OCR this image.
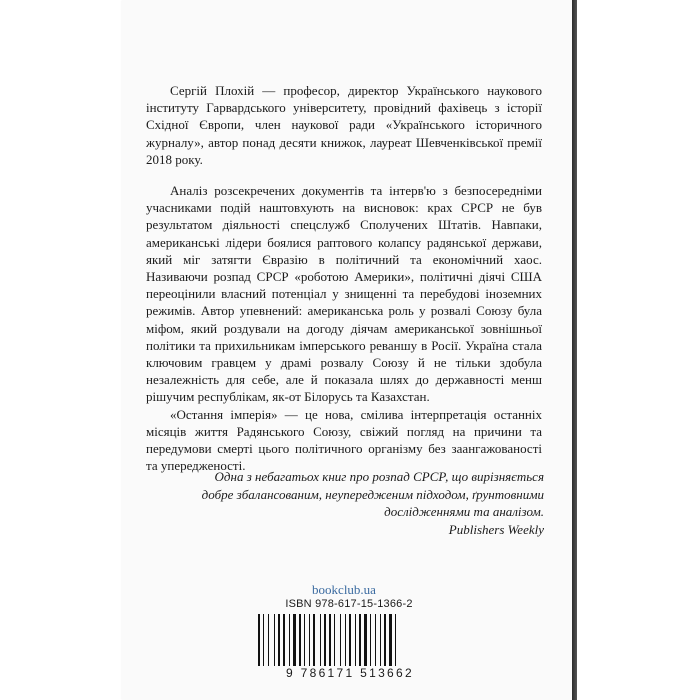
Сергій Плохій — професор, директор Українського наукового інституту Гарвардського університету, провідний фахівець з історії Східної Європи, член наукової ради «Українського історичного журналу», автор понад десяти книжок, лауреат Шевченківської премії 2018 року.

Аналіз розсекречених документів та інтерв'ю з безпосередніми учасниками подій наштовхують на висновок: крах СРСР не був результатом діяльності спецслужб Сполучених Штатів. Навпаки, американські лідери боялися раптового колапсу радянської держави, який міг затягти Євразію в політичний та економічний хаос. Називаючи розпад СРСР «роботою Америки», політичні діячі США переоцінили власний потенціал у знищенні та перебудові іноземних режимів. Автор упевнений: американська роль у розвалі Союзу була міфом, який роздували на догоду діячам американської зовнішньої політики та прихильникам імперського реваншу в Росії. Україна стала ключовим гравцем у драмі розвалу Союзу й не тільки здобула незалежність для себе, але й показала шлях до державності менш рішучим республікам, як-от Білорусь та Казахстан.

«Остання імперія» — це нова, смілива інтерпретація останніх місяців життя Радянського Союзу, свіжий погляд на причини та передумови смерті цього політичного організму без заангажованості та упередженості.

Одна з небагатьох книг про розпад СРСР, що вирізняється добре збалансованим, неупередженим підходом, ґрунтовними дослідженнями та аналізом.
Publishers Weekly
bookclub.ua
ISBN 978-617-15-1366-2
9 786171 513662
